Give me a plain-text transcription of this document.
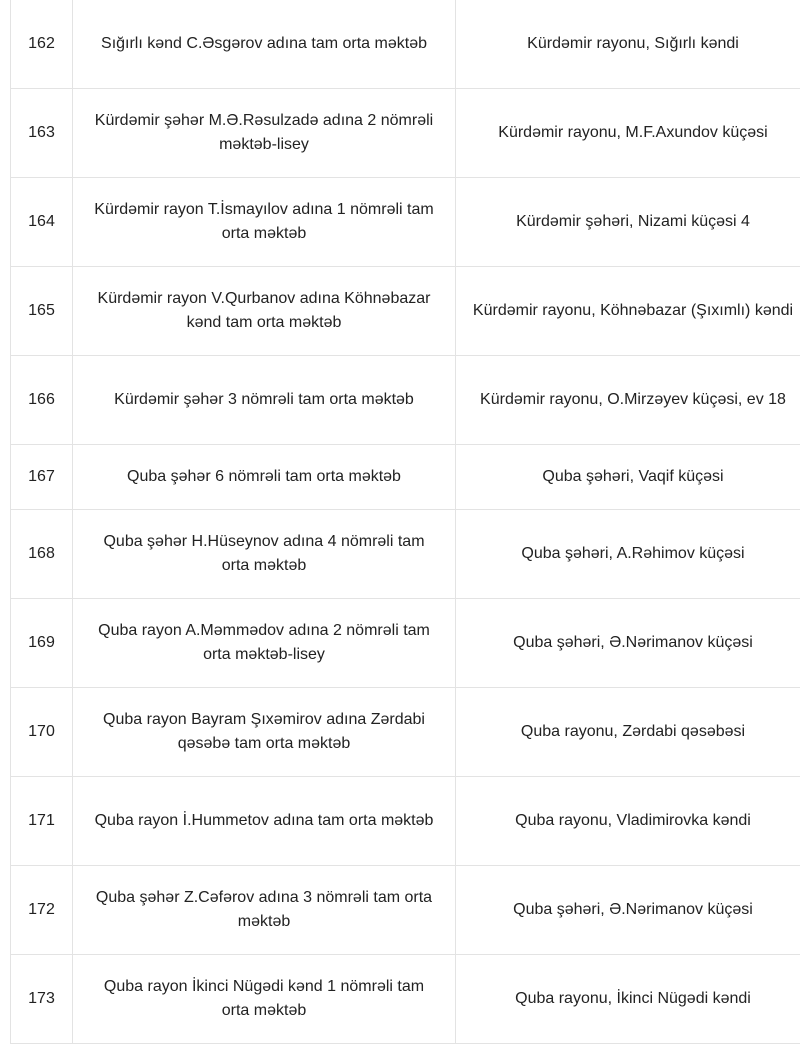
162	Sığırlı kənd C.Əsgərov adına tam orta məktəb	Kürdəmir rayonu, Sığırlı kəndi
163	Kürdəmir şəhər M.Ə.Rəsulzadə adına 2 nömrəli məktəb-lisey	Kürdəmir rayonu, M.F.Axundov küçəsi
164	Kürdəmir rayon T.İsmayılov adına 1 nömrəli tam orta məktəb	Kürdəmir şəhəri, Nizami küçəsi 4
165	Kürdəmir rayon V.Qurbanov adına Köhnəbazar kənd tam orta məktəb	Kürdəmir rayonu, Köhnəbazar (Şıxımlı) kəndi
166	Kürdəmir şəhər 3 nömrəli tam orta məktəb	Kürdəmir rayonu, O.Mirzəyev küçəsi, ev 18
167	Quba şəhər 6 nömrəli tam orta məktəb	Quba şəhəri, Vaqif küçəsi
168	Quba şəhər H.Hüseynov adına 4 nömrəli tam orta məktəb	Quba şəhəri, A.Rəhimov küçəsi
169	Quba rayon A.Məmmədov adına 2 nömrəli tam orta məktəb-lisey	Quba şəhəri, Ə.Nərimanov küçəsi
170	Quba rayon Bayram Şıxəmirov adına Zərdabi qəsəbə tam orta məktəb	Quba rayonu, Zərdabi qəsəbəsi
171	Quba rayon İ.Hummetov adına tam orta məktəb	Quba rayonu, Vladimirovka kəndi
172	Quba şəhər Z.Cəfərov adına 3 nömrəli tam orta məktəb	Quba şəhəri, Ə.Nərimanov küçəsi
173	Quba rayon İkinci Nügədi kənd 1 nömrəli tam orta məktəb	Quba rayonu, İkinci Nügədi kəndi
